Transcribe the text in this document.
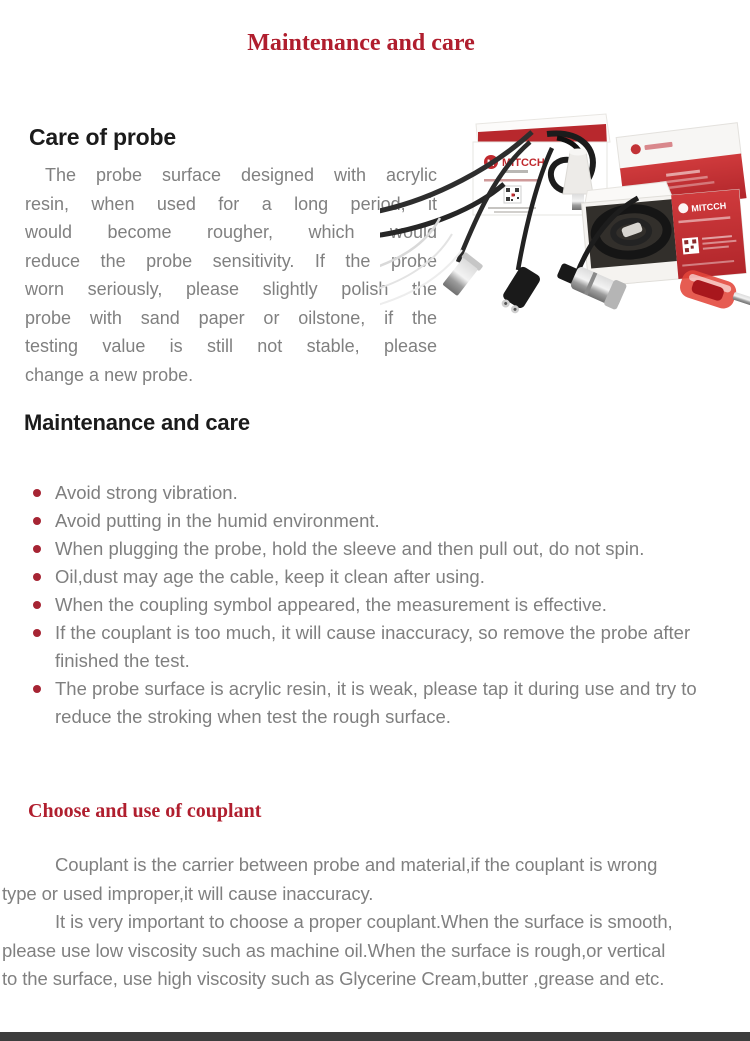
Maintenance and care
Care of probe
The probe surface designed with acrylic
resin, when used for a long period, it
would become rougher, which would
reduce the probe sensitivity. If the probe
worn seriously, please slightly polish the
probe with sand paper or oilstone, if the
testing value is still not stable, please
change a new probe.
M MITCCH
MITCCH
Maintenance and care
Avoid strong vibration.
Avoid putting in the humid environment.
When plugging the probe, hold the sleeve and then pull out, do not spin.
Oil,dust may age the cable, keep it clean after using.
When the coupling symbol appeared, the measurement is effective.
If the couplant is too much, it will cause inaccuracy, so remove the probe after finished the test.
The probe surface is acrylic resin, it is weak, please tap it during use and try to reduce the stroking when test the rough surface.
Choose and use of couplant
Couplant is the carrier between probe and material,if the couplant is wrong
type or used improper,it will cause inaccuracy.
It is very important to choose a proper couplant.When the surface is smooth,
please use low viscosity such as machine oil.When the surface is rough,or vertical
to the surface, use high viscosity such as Glycerine Cream,butter ,grease and etc.
